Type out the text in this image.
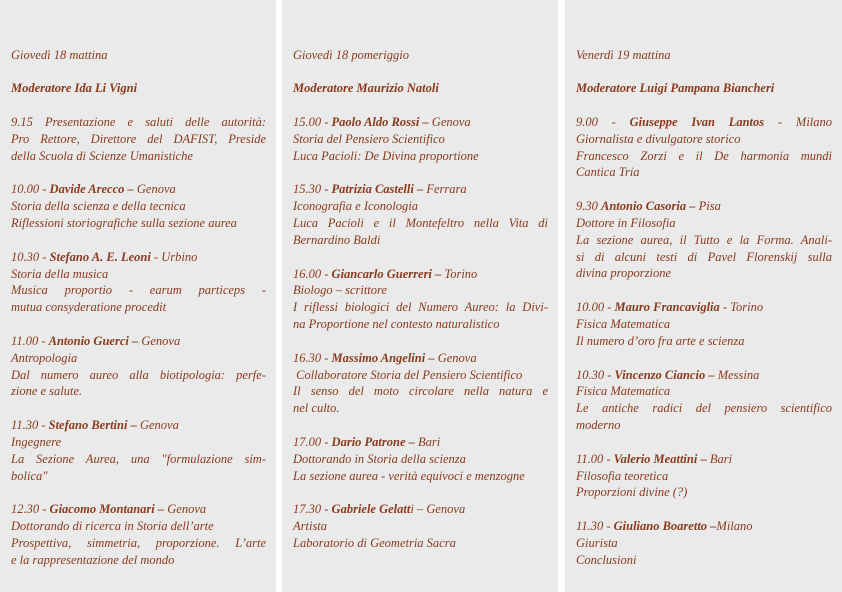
Giovedì 18 mattina
Moderatore Ida Li Vigni
9.15 Presentazione e saluti delle autorità:
Pro Rettore, Direttore del DAFIST, Preside
della Scuola di Scienze Umanistiche
10.00 - Davide Arecco – Genova
Storia della scienza e della tecnica
Riflessioni storiografiche sulla sezione aurea
10.30 - Stefano A. E. Leoni - Urbino
Storia della musica
Musica proportio - earum particeps -
mutua consyderatione procedit
11.00 - Antonio Guerci – Genova
Antropologia
Dal numero aureo alla biotipologia: perfe-
zione e salute.
11.30 - Stefano Bertini – Genova
Ingegnere
La Sezione Aurea, una "formulazione sim-
bolica"
12.30 - Giacomo Montanari – Genova
Dottorando di ricerca in Storia dell’arte
Prospettiva, simmetria, proporzione. L’arte
e la rappresentazione del mondo
Giovedì 18 pomeriggio
Moderatore Maurizio Natoli
15.00 - Paolo Aldo Rossi – Genova
Storia del Pensiero Scientifico
Luca Pacioli: De Divina proportione
15.30 - Patrizia Castelli – Ferrara
Iconografia e Iconologia
Luca Pacioli e il Montefeltro nella Vita di
Bernardino Baldi
16.00 - Giancarlo Guerreri – Torino
Biologo – scrittore
I riflessi biologici del Numero Aureo: la Divi-
na Proportione nel contesto naturalistico
16.30 - Massimo Angelini – Genova
Collaboratore Storia del Pensiero Scientifico
Il senso del moto circolare nella natura e
nel culto.
17.00 - Dario Patrone – Bari
Dottorando in Storia della scienza
La sezione aurea - verità equivoci e menzogne
17.30 - Gabriele Gelatti – Genova
Artista
Laboratorio di Geometria Sacra
Venerdì 19 mattina
Moderatore Luigi Pampana Biancheri
9.00 - Giuseppe Ivan Lantos - Milano
Giornalista e divulgatore storico
Francesco Zorzi e il De harmonia mundi
Cantica Tria
9.30 Antonio Casoria – Pisa
Dottore in Filosofia
La sezione aurea, il Tutto e la Forma. Anali-
si di alcuni testi di Pavel Florenskij sulla
divina proporzione
10.00 - Mauro Francaviglia - Torino
Fisica Matematica
Il numero d’oro fra arte e scienza
10.30 - Vincenzo Ciancio – Messina
Fisica Matematica
Le antiche radici del pensiero scientifico
moderno
11.00 - Valerio Meattini – Bari
Filosofia teoretica
Proporzioni divine (?)
11.30 - Giuliano Boaretto –Milano
Giurista
Conclusioni
